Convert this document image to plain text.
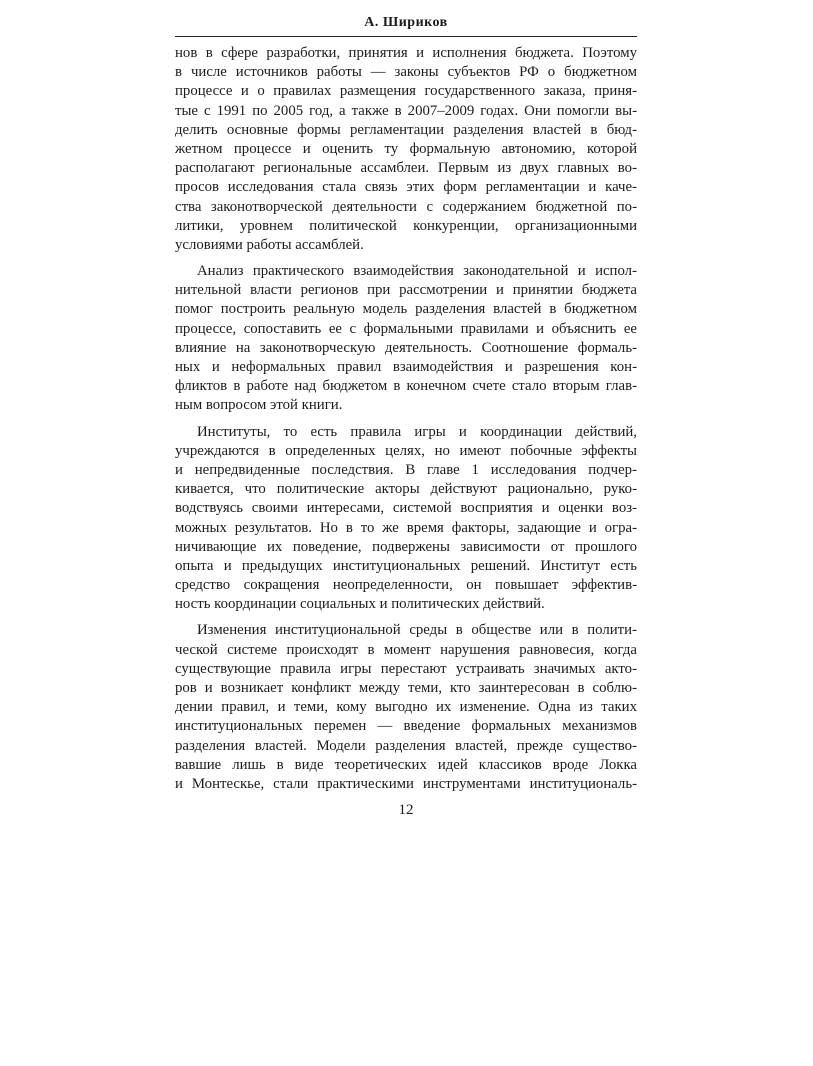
А. Шириков
нов в сфере разработки, принятия и исполнения бюджета. Поэтому
в числе источников работы — законы субъектов РФ о бюджетном
процессе и о правилах размещения государственного заказа, приня-
тые с 1991 по 2005 год, а также в 2007–2009 годах. Они помогли вы-
делить основные формы регламентации разделения властей в бюд-
жетном процессе и оценить ту формальную автономию, которой
располагают региональные ассамблеи. Первым из двух главных во-
просов исследования стала связь этих форм регламентации и каче-
ства законотворческой деятельности с содержанием бюджетной по-
литики, уровнем политической конкуренции, организационными
условиями работы ассамблей.
Анализ практического взаимодействия законодательной и испол-
нительной власти регионов при рассмотрении и принятии бюджета
помог построить реальную модель разделения властей в бюджетном
процессе, сопоставить ее с формальными правилами и объяснить ее
влияние на законотворческую деятельность. Соотношение формаль-
ных и неформальных правил взаимодействия и разрешения кон-
фликтов в работе над бюджетом в конечном счете стало вторым глав-
ным вопросом этой книги.
Институты, то есть правила игры и координации действий,
учреждаются в определенных целях, но имеют побочные эффекты
и непредвиденные последствия. В главе 1 исследования подчер-
кивается, что политические акторы действуют рационально, руко-
водствуясь своими интересами, системой восприятия и оценки воз-
можных результатов. Но в то же время факторы, задающие и огра-
ничивающие их поведение, подвержены зависимости от прошлого
опыта и предыдущих институциональных решений. Институт есть
средство сокращения неопределенности, он повышает эффектив-
ность координации социальных и политических действий.
Изменения институциональной среды в обществе или в полити-
ческой системе происходят в момент нарушения равновесия, когда
существующие правила игры перестают устраивать значимых акто-
ров и возникает конфликт между теми, кто заинтересован в соблю-
дении правил, и теми, кому выгодно их изменение. Одна из таких
институциональных перемен — введение формальных механизмов
разделения властей. Модели разделения властей, прежде существо-
вавшие лишь в виде теоретических идей классиков вроде Локка
и Монтескье, стали практическими инструментами институциональ-
12
